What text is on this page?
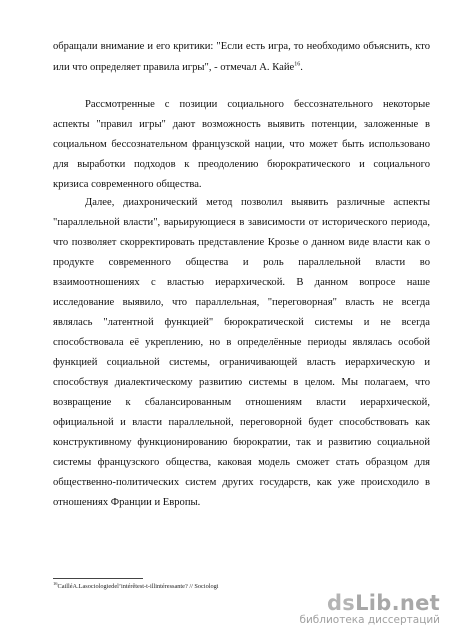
обращали внимание и его критики: "Если есть игра, то необходимо объяснить, кто
или что определяет правила игры", - отмечал А. Кайе$^{16}$.
Рассмотренные с позиции социального бессознательного некоторые
аспекты "правил игры" дают возможность выявить потенции, заложенные в
социальном бессознательном французской нации, что может быть использовано
для выработки подходов к преодолению бюрократического и социального
кризиса современного общества.
Далее, диахронический метод позволил выявить различные аспекты
"параллельной власти", варьирующиеся в зависимости от исторического периода,
что позволяет скорректировать представление Крозье о данном виде власти как о
продукте современного общества и роль параллельной власти во
взаимоотношениях с властью иерархической. В данном вопросе наше
исследование выявило, что параллельная, "переговорная" власть не всегда
являлась "латентной функцией" бюрократической системы и не всегда
способствовала её укреплению, но в определённые периоды являлась особой
функцией социальной системы, ограничивающей власть иерархическую и
способствуя диалектическому развитию системы в целом. Мы полагаем, что
возвращение к сбалансированным отношениям власти иерархической,
официальной и власти параллельной, переговорной будет способствовать как
конструктивному функционированию бюрократии, так и развитию социальной
системы французского общества, каковая модель сможет стать образцом для
общественно-политических систем других государств, как уже происходило в
отношениях Франции и Европы.
$^{16}$CailléA.Lasociologiedel’intérêtest-t-illintéressante? // Sociologi
dsLib.net
библиотека диссертаций
